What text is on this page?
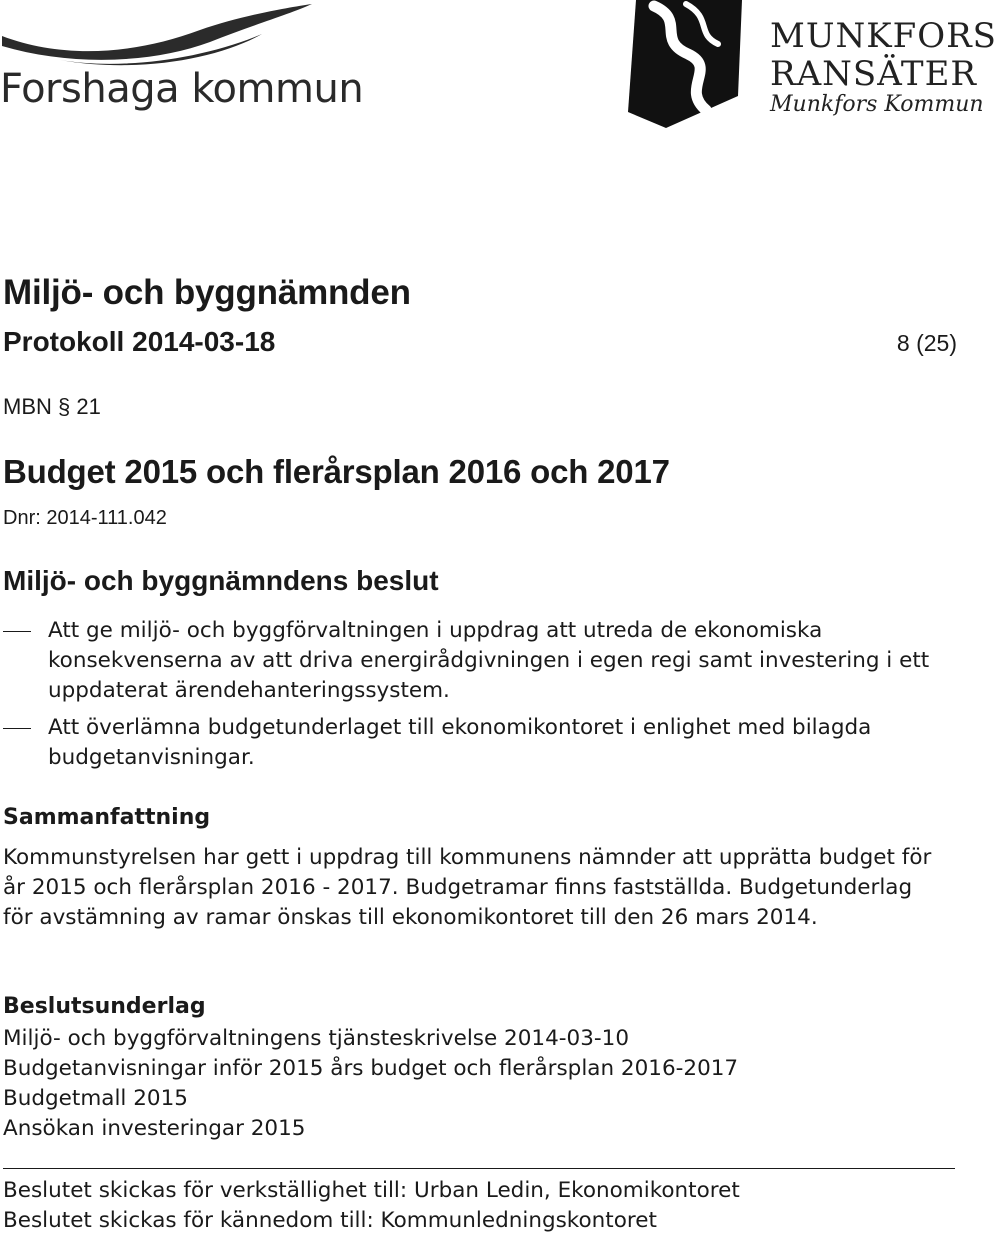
Forshaga kommun
MUNKFORS
RANSÄTER
Munkfors Kommun
Miljö- och byggnämnden
Protokoll 2014-03-18	8 (25)
MBN § 21
Budget 2015 och flerårsplan 2016 och 2017
Dnr: 2014-111.042
Miljö- och byggnämndens beslut
Att ge miljö- och byggförvaltningen i uppdrag att utreda de ekonomiska konsekvenserna av att driva energirådgivningen i egen regi samt investering i ett uppdaterat ärendehanteringssystem.
Att överlämna budgetunderlaget till ekonomikontoret i enlighet med bilagda budgetanvisningar.
Sammanfattning
Kommunstyrelsen har gett i uppdrag till kommunens nämnder att upprätta budget för år 2015 och flerårsplan 2016 - 2017. Budgetramar finns fastställda. Budgetunderlag för avstämning av ramar önskas till ekonomikontoret till den 26 mars 2014.
Beslutsunderlag
Miljö- och byggförvaltningens tjänsteskrivelse 2014-03-10
Budgetanvisningar inför 2015 års budget och flerårsplan 2016-2017
Budgetmall 2015
Ansökan investeringar 2015
Beslutet skickas för verkställighet till: Urban Ledin, Ekonomikontoret
Beslutet skickas för kännedom till: Kommunledningskontoret
